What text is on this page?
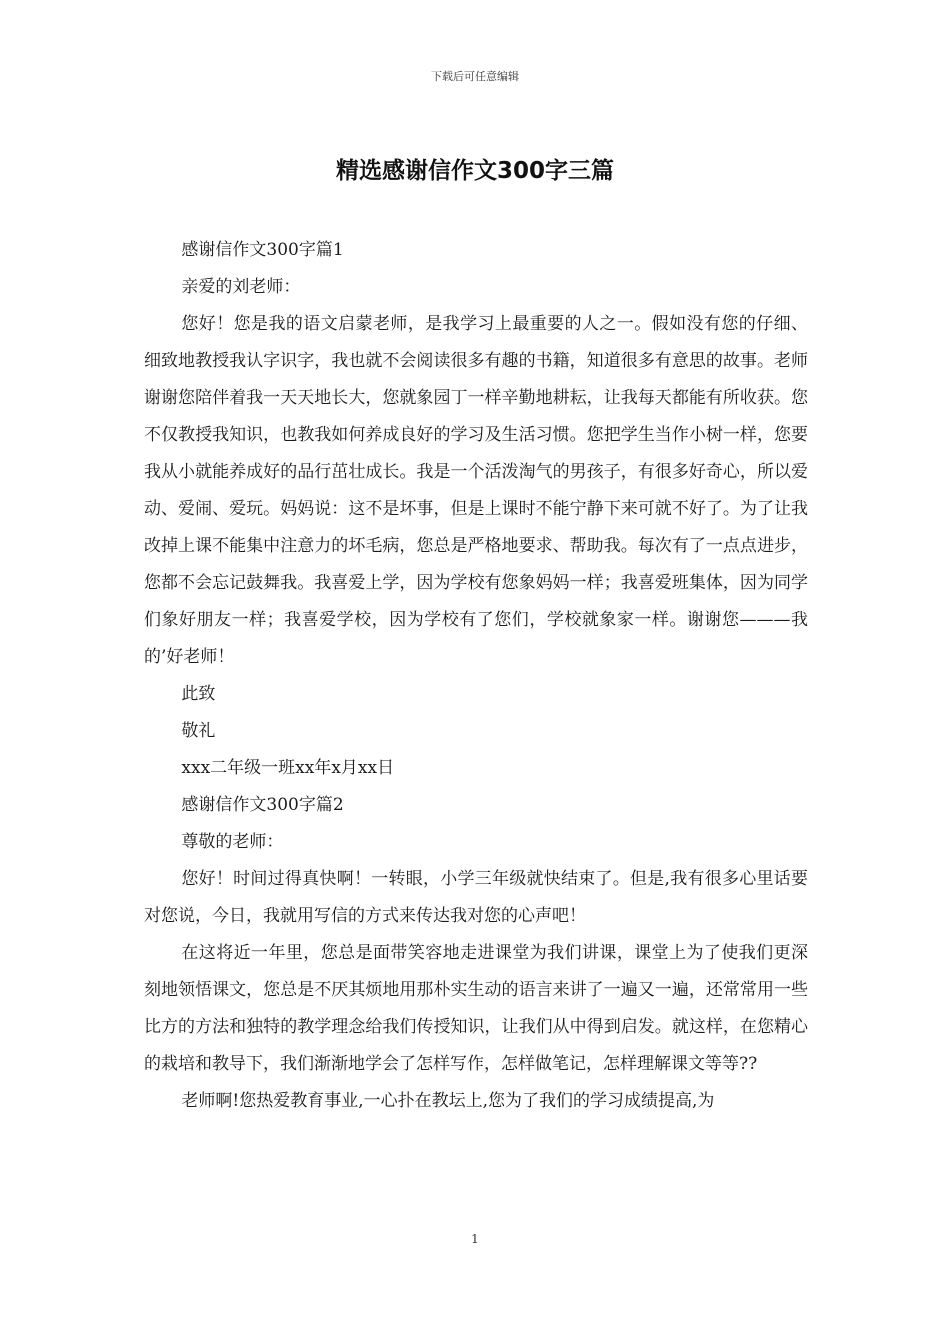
下载后可任意编辑
精选感谢信作文300字三篇

感谢信作文300字篇1

亲爱的刘老师：

您好！您是我的语文启蒙老师，是我学习上最重要的人之一。假如没有您的仔细、细致地教授我认字识字，我也就不会阅读很多有趣的书籍，知道很多有意思的故事。老师谢谢您陪伴着我一天天地长大，您就象园丁一样辛勤地耕耘，让我每天都能有所收获。您不仅教授我知识，也教我如何养成良好的学习及生活习惯。您把学生当作小树一样，您要我从小就能养成好的品行茁壮成长。我是一个活泼淘气的男孩子，有很多好奇心，所以爱动、爱闹、爱玩。妈妈说：这不是坏事，但是上课时不能宁静下来可就不好了。为了让我改掉上课不能集中注意力的坏毛病，您总是严格地要求、帮助我。每次有了一点点进步，您都不会忘记鼓舞我。我喜爱上学，因为学校有您象妈妈一样；我喜爱班集体，因为同学们象好朋友一样；我喜爱学校，因为学校有了您们，学校就象家一样。谢谢您———我的’好老师！

此致

敬礼

xxx二年级一班xx年x月xx日

感谢信作文300字篇2

尊敬的老师：

您好！时间过得真快啊！一转眼，小学三年级就快结束了。但是,我有很多心里话要对您说，今日，我就用写信的方式来传达我对您的心声吧！

在这将近一年里，您总是面带笑容地走进课堂为我们讲课，课堂上为了使我们更深刻地领悟课文，您总是不厌其烦地用那朴实生动的语言来讲了一遍又一遍，还常常用一些比方的方法和独特的教学理念给我们传授知识，让我们从中得到启发。就这样，在您精心的栽培和教导下，我们渐渐地学会了怎样写作，怎样做笔记，怎样理解课文等等??

老师啊!您热爱教育事业,一心扑在教坛上,您为了我们的学习成绩提高,为

1
